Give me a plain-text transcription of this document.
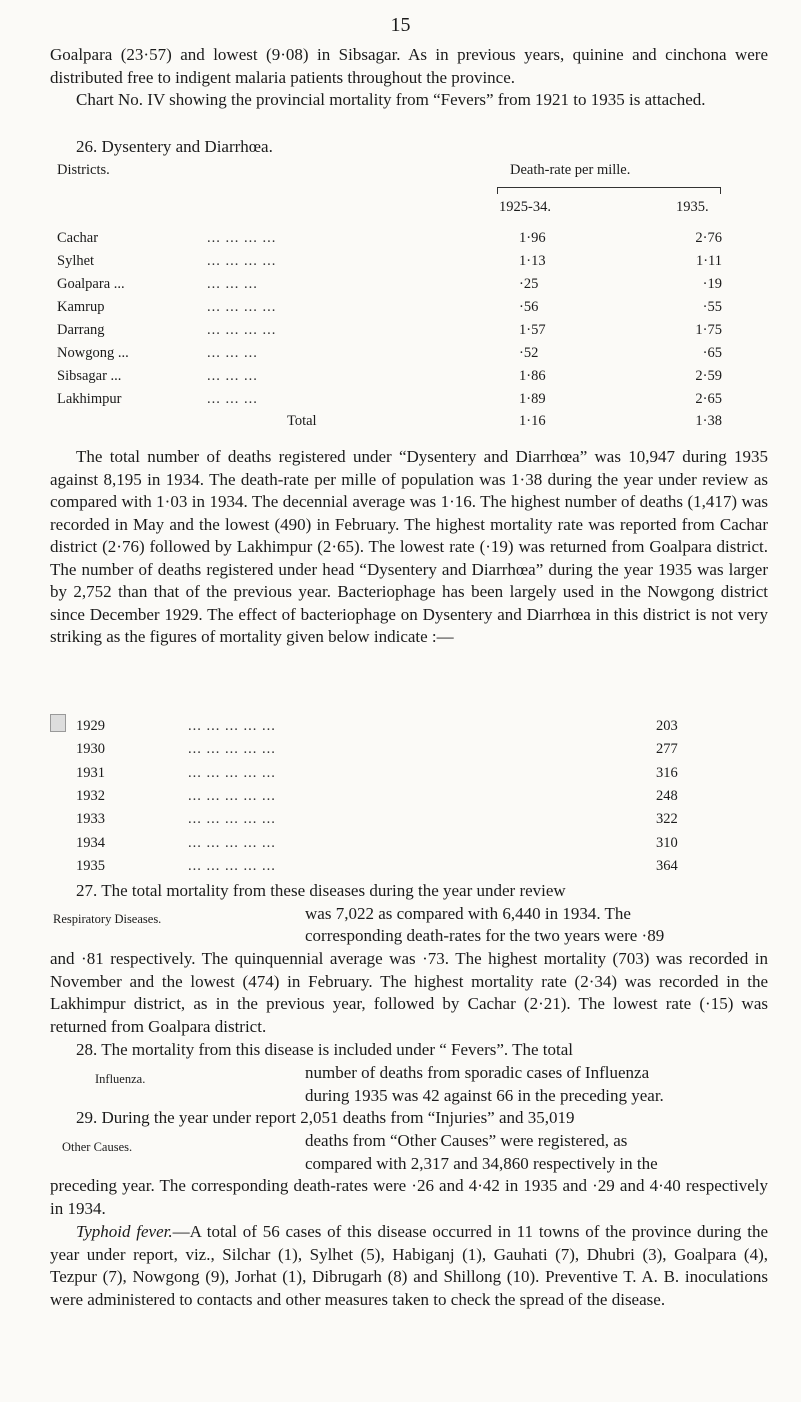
15

Goalpara (23·57) and lowest (9·08) in Sibsagar. As in previous years, quinine and cinchona were distributed free to indigent malaria patients throughout the province.

Chart No. IV showing the provincial mortality from “Fevers” from 1921 to 1935 is attached.

26. Dysentery and Diarrhœa.
Districts.	Death-rate per mille.
1925-34.	1935.
Cachar	... ... ... ...	1·96	2·76
Sylhet	... ... ... ...	1·13	1·11
Goalpara ...	... ... ...	·25	·19
Kamrup	... ... ... ...	·56	·55
Darrang	... ... ... ...	1·57	1·75
Nowgong ...	... ... ...	·52	·65
Sibsagar ...	... ... ...	1·86	2·59
Lakhimpur	... ... ...	1·89	2·65
Total	1·16	1·38

The total number of deaths registered under “Dysentery and Diarrhœa” was 10,947 during 1935 against 8,195 in 1934. The death-rate per mille of population was 1·38 during the year under review as compared with 1·03 in 1934. The decennial average was 1·16. The highest number of deaths (1,417) was recorded in May and the lowest (490) in February. The highest mortality rate was reported from Cachar district (2·76) followed by Lakhimpur (2·65). The lowest rate (·19) was returned from Goalpara district. The number of deaths registered under head “Dysentery and Diarrhœa” during the year 1935 was larger by 2,752 than that of the previous year. Bacteriophage has been largely used in the Nowgong district since December 1929. The effect of bacteriophage on Dysentery and Diarrhœa in this district is not very striking as the figures of mortality given below indicate :—

1929	... ... ... ... ...	203
1930	... ... ... ... ...	277
1931	... ... ... ... ...	316
1932	... ... ... ... ...	248
1933	... ... ... ... ...	322
1934	... ... ... ... ...	310
1935	... ... ... ... ...	364
27. The total mortality from these diseases during the year under review
Respiratory Diseases.	was 7,022 as compared with 6,440 in 1934. The
corresponding death-rates for the two years were ·89

and ·81 respectively. The quinquennial average was ·73. The highest mortality (703) was recorded in November and the lowest (474) in February. The highest mortality rate (2·34) was recorded in the Lakhimpur district, as in the previous year, followed by Cachar (2·21). The lowest rate (·15) was returned from Goalpara district.

28. The mortality from this disease is included under “ Fevers”. The total
Influenza.	number of deaths from sporadic cases of Influenza
during 1935 was 42 against 66 in the preceding year.
29. During the year under report 2,051 deaths from “Injuries” and 35,019
Other Causes.	deaths from “Other Causes” were registered, as
compared with 2,317 and 34,860 respectively in the

preceding year. The corresponding death-rates were ·26 and 4·42 in 1935 and ·29 and 4·40 respectively in 1934.

Typhoid fever.—A total of 56 cases of this disease occurred in 11 towns of the province during the year under report, viz., Silchar (1), Sylhet (5), Habiganj (1), Gauhati (7), Dhubri (3), Goalpara (4), Tezpur (7), Nowgong (9), Jorhat (1), Dibrugarh (8) and Shillong (10). Preventive T. A. B. inoculations were administered to contacts and other measures taken to check the spread of the disease.
